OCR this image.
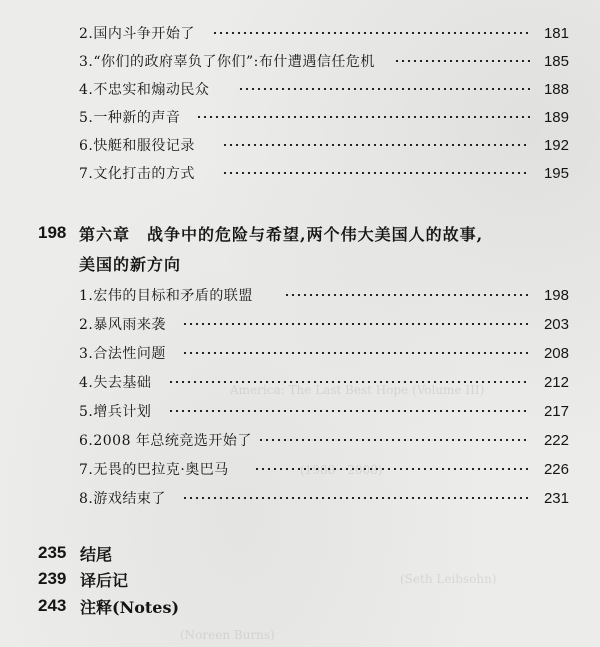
America: The Last Best Hope (Volume III)
(Seth Leibsohn)
(Noreen Burns)
(1988－2008)
2.国内斗争开始了	181
3.“你们的政府辜负了你们”:布什遭遇信任危机	185
4.不忠实和煽动民众	188
5.一种新的声音	189
6.快艇和服役记录	192
7.文化打击的方式	195
198 第六章　战争中的危险与希望,两个伟大美国人的故事,
美国的新方向
1.宏伟的目标和矛盾的联盟	198
2.暴风雨来袭	203
3.合法性问题	208
4.失去基础	212
5.增兵计划	217
6.2008 年总统竞选开始了	222
7.无畏的巴拉克·奥巴马	226
8.游戏结束了	231
235 结尾
239 译后记
243 注释(Notes)
